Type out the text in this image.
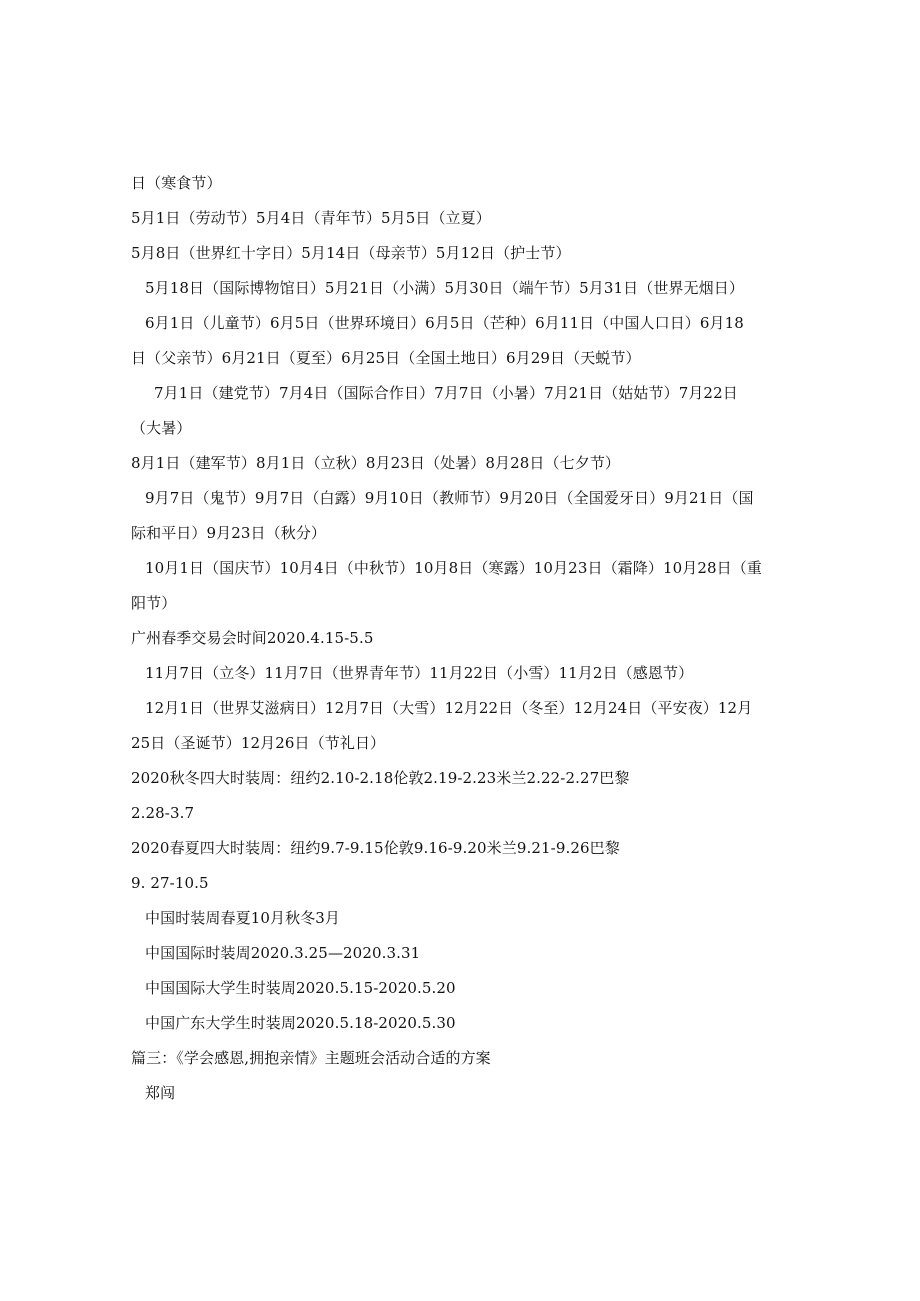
日（寒食节）
5月1日（劳动节）5月4日（青年节）5月5日（立夏）
5月8日（世界红十字日）5月14日（母亲节）5月12日（护士节）
5月18日（国际博物馆日）5月21日（小满）5月30日（端午节）5月31日（世界无烟日）
6月1日（儿童节）6月5日（世界环境日）6月5日（芒种）6月11日（中国人口日）6月18
日（父亲节）6月21日（夏至）6月25日（全国土地日）6月29日（天蜕节）
7月1日（建党节）7月4日（国际合作日）7月7日（小暑）7月21日（姑姑节）7月22日
（大暑）
8月1日（建军节）8月1日（立秋）8月23日（处暑）8月28日（七夕节）
9月7日（鬼节）9月7日（白露）9月10日（教师节）9月20日（全国爱牙日）9月21日（国
际和平日）9月23日（秋分）
10月1日（国庆节）10月4日（中秋节）10月8日（寒露）10月23日（霜降）10月28日（重
阳节）
广州春季交易会时间2020.4.15-5.5
11月7日（立冬）11月7日（世界青年节）11月22日（小雪）11月2日（感恩节）
12月1日（世界艾滋病日）12月7日（大雪）12月22日（冬至）12月24日（平安夜）12月
25日（圣诞节）12月26日（节礼日）
2020秋冬四大时装周：纽约2.10-2.18伦敦2.19-2.23米兰2.22-2.27巴黎
2.28-3.7
2020春夏四大时装周：纽约9.7-9.15伦敦9.16-9.20米兰9.21-9.26巴黎
9. 27-10.5
中国时装周春夏10月秋冬3月
中国国际时装周2020.3.25—2020.3.31
中国国际大学生时装周2020.5.15-2020.5.20
中国广东大学生时装周2020.5.18-2020.5.30
篇三：《学会感恩,拥抱亲情》主题班会活动合适的方案
郑闯
